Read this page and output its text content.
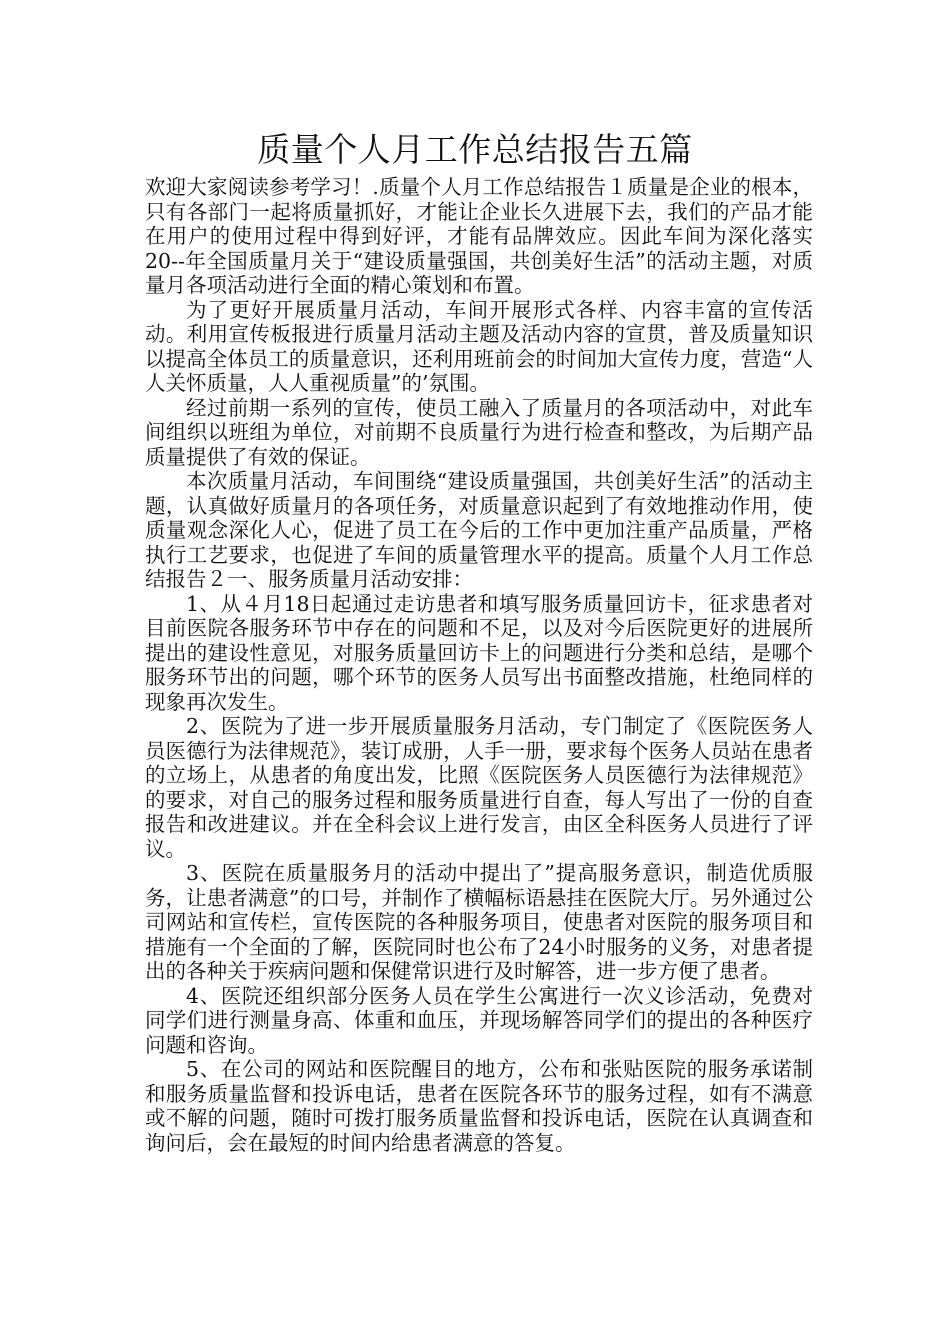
质量个人月工作总结报告五篇

欢迎大家阅读参考学习！.质量个人月工作总结报告１质量是企业的根本，只有各部门一起将质量抓好，才能让企业长久进展下去，我们的产品才能在用户的使用过程中得到好评，才能有品牌效应。因此车间为深化落实20--年全国质量月关于“建设质量强国，共创美好生活”的活动主题，对质量月各项活动进行全面的精心策划和布置。

为了更好开展质量月活动，车间开展形式各样、内容丰富的宣传活动。利用宣传板报进行质量月活动主题及活动内容的宣贯，普及质量知识以提高全体员工的质量意识，还利用班前会的时间加大宣传力度，营造“人人关怀质量，人人重视质量”的’氛围。

经过前期一系列的宣传，使员工融入了质量月的各项活动中，对此车间组织以班组为单位，对前期不良质量行为进行检查和整改，为后期产品质量提供了有效的保证。

本次质量月活动，车间围绕“建设质量强国，共创美好生活”的活动主题，认真做好质量月的各项任务，对质量意识起到了有效地推动作用，使质量观念深化人心，促进了员工在今后的工作中更加注重产品质量，严格执行工艺要求，也促进了车间的质量管理水平的提高。质量个人月工作总结报告２一、服务质量月活动安排：

1、从４月18日起通过走访患者和填写服务质量回访卡，征求患者对目前医院各服务环节中存在的问题和不足，以及对今后医院更好的进展所提出的建设性意见，对服务质量回访卡上的问题进行分类和总结，是哪个服务环节出的问题，哪个环节的医务人员写出书面整改措施，杜绝同样的现象再次发生。

2、医院为了进一步开展质量服务月活动，专门制定了《医院医务人员医德行为法律规范》，装订成册，人手一册，要求每个医务人员站在患者的立场上，从患者的角度出发，比照《医院医务人员医德行为法律规范》的要求，对自己的服务过程和服务质量进行自查，每人写出了一份的自查报告和改进建议。并在全科会议上进行发言，由区全科医务人员进行了评议。

3、医院在质量服务月的活动中提出了”提高服务意识，制造优质服务，让患者满意”的口号，并制作了横幅标语悬挂在医院大厅。另外通过公司网站和宣传栏，宣传医院的各种服务项目，使患者对医院的服务项目和措施有一个全面的了解，医院同时也公布了24小时服务的义务，对患者提出的各种关于疾病问题和保健常识进行及时解答，进一步方便了患者。

4、医院还组织部分医务人员在学生公寓进行一次义诊活动，免费对同学们进行测量身高、体重和血压，并现场解答同学们的提出的各种医疗问题和咨询。

5、在公司的网站和医院醒目的地方，公布和张贴医院的服务承诺制和服务质量监督和投诉电话，患者在医院各环节的服务过程，如有不满意或不解的问题，随时可拨打服务质量监督和投诉电话，医院在认真调查和询问后，会在最短的时间内给患者满意的答复。
